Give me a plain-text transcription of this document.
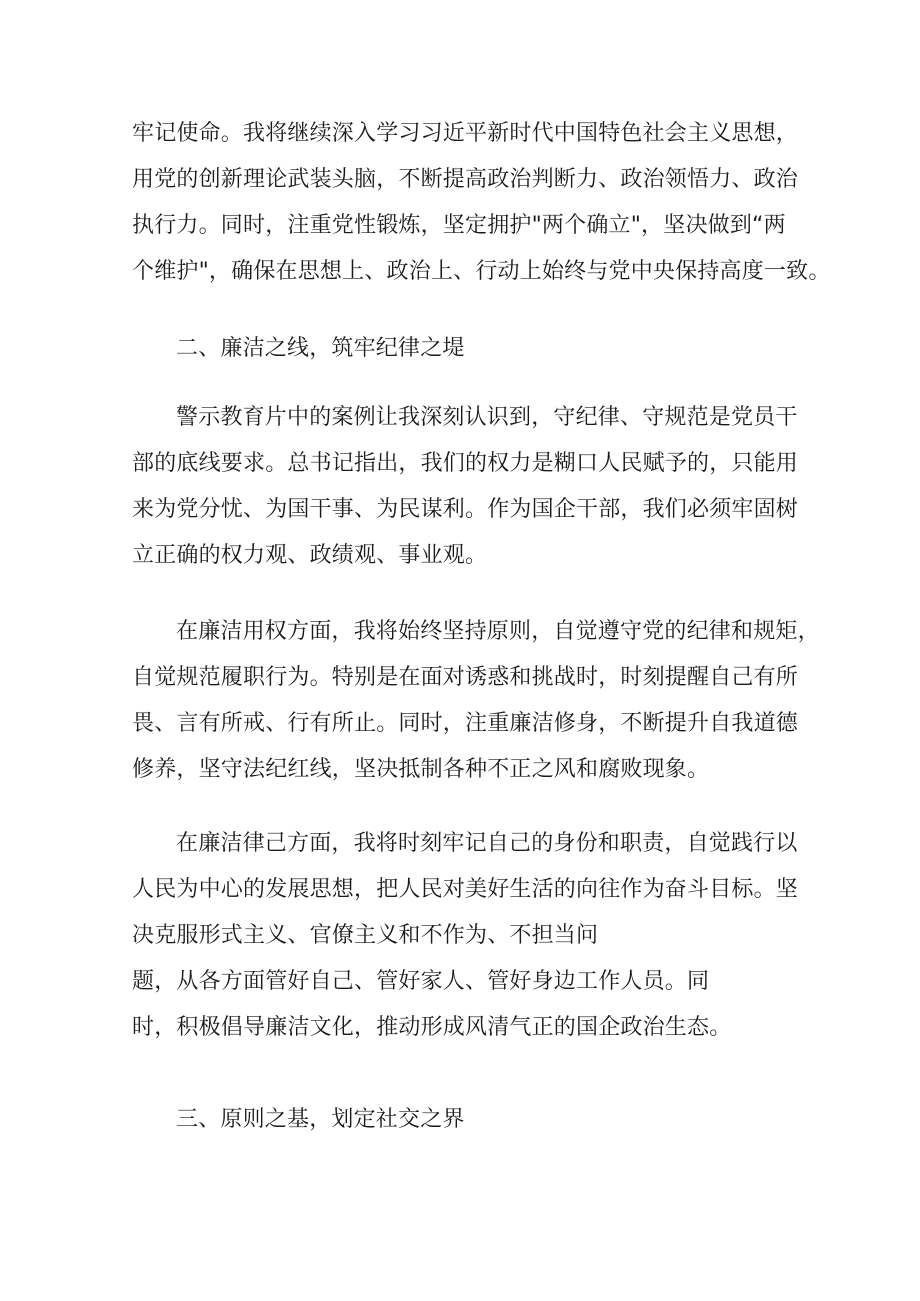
牢记使命。我将继续深入学习习近平新时代中国特色社会主义思想，
用党的创新理论武装头脑，不断提高政治判断力、政治领悟力、政治
执行力。同时，注重党性锻炼，坚定拥护"两个确立"，坚决做到“两
个维护"，确保在思想上、政治上、行动上始终与党中央保持高度一致。
二、廉洁之线，筑牢纪律之堤
警示教育片中的案例让我深刻认识到，守纪律、守规范是党员干
部的底线要求。总书记指出，我们的权力是糊口人民赋予的，只能用
来为党分忧、为国干事、为民谋利。作为国企干部，我们必须牢固树
立正确的权力观、政绩观、事业观。
在廉洁用权方面，我将始终坚持原则，自觉遵守党的纪律和规矩，
自觉规范履职行为。特别是在面对诱惑和挑战时，时刻提醒自己有所
畏、言有所戒、行有所止。同时，注重廉洁修身，不断提升自我道德
修养，坚守法纪红线，坚决抵制各种不正之风和腐败现象。
在廉洁律己方面，我将时刻牢记自己的身份和职责，自觉践行以
人民为中心的发展思想，把人民对美好生活的向往作为奋斗目标。坚
决克服形式主义、官僚主义和不作为、不担当问
题，从各方面管好自己、管好家人、管好身边工作人员。同
时，积极倡导廉洁文化，推动形成风清气正的国企政治生态。
三、原则之基，划定社交之界
